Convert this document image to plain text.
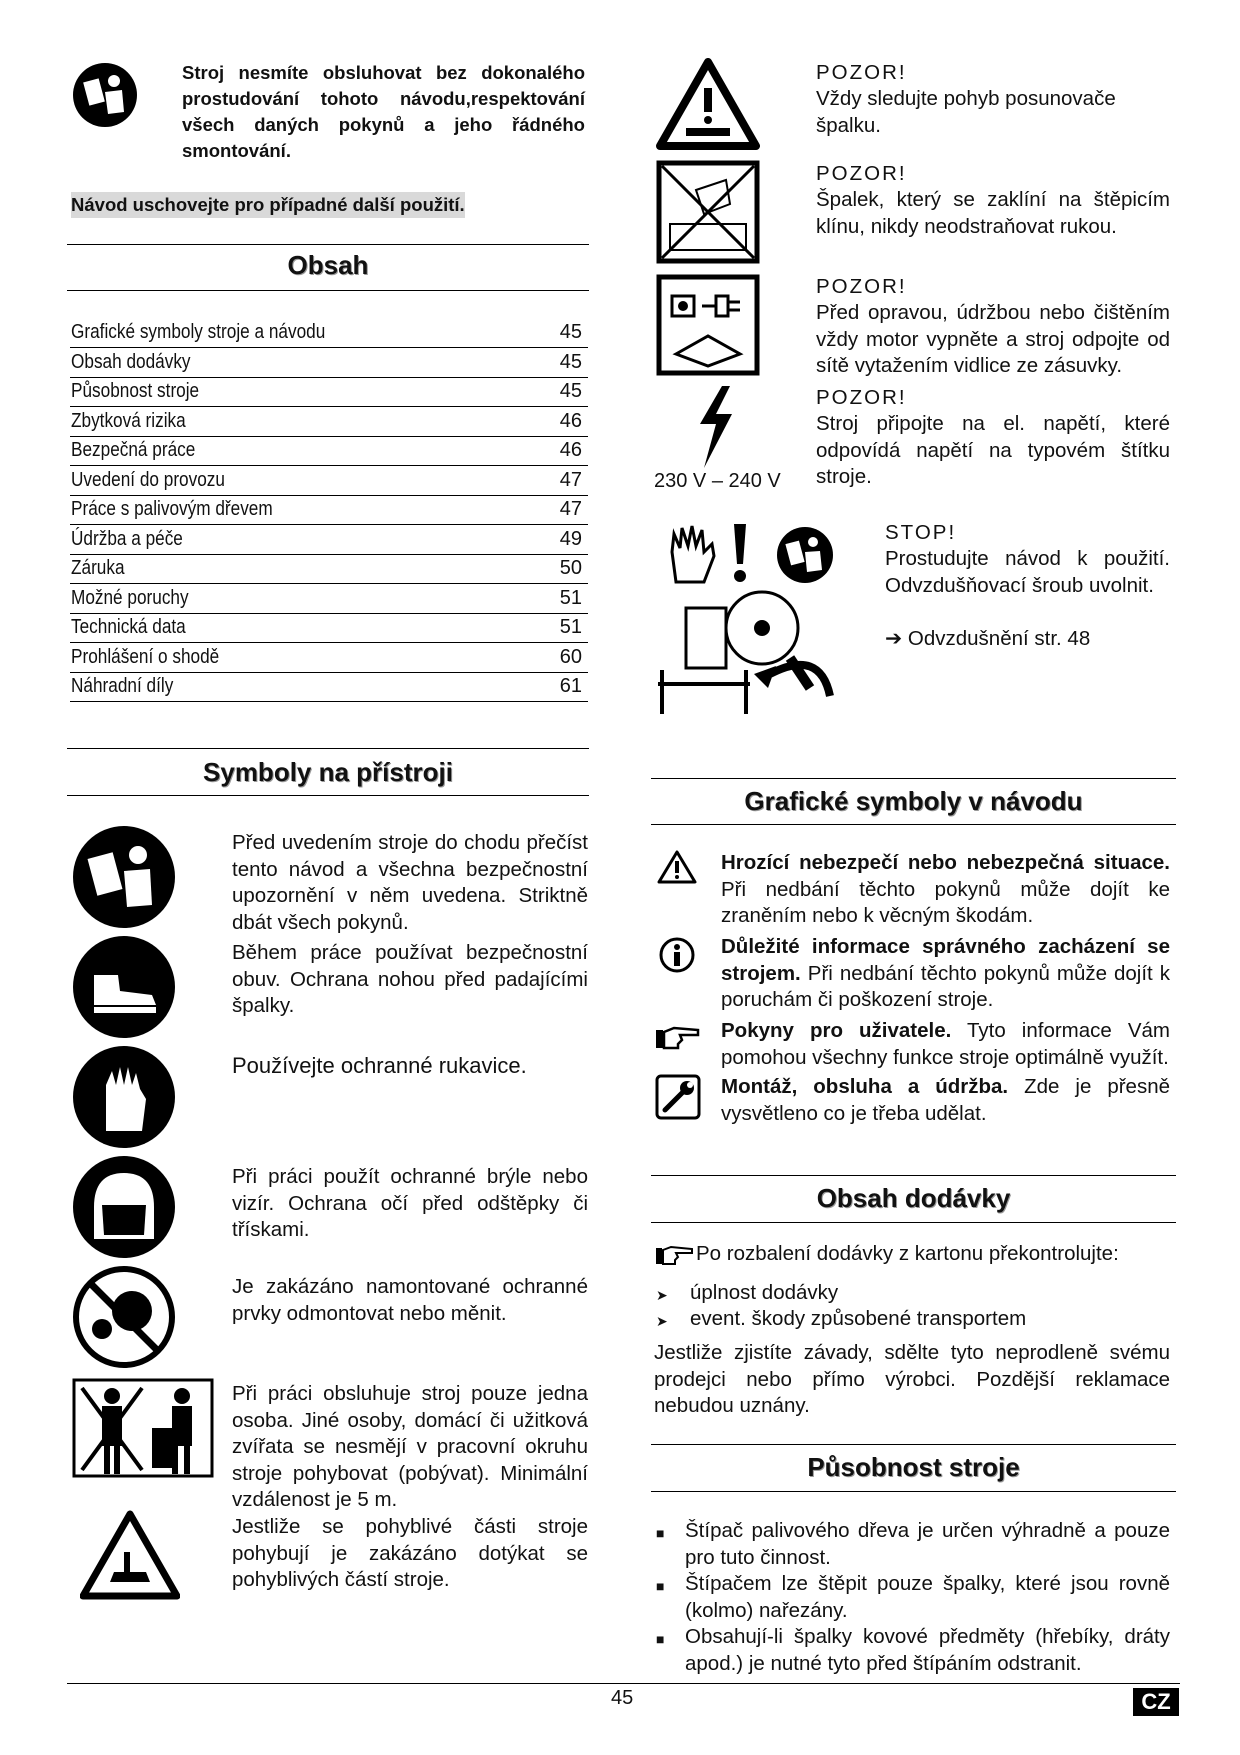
Stroj nesmíte obsluhovat bez dokonalého prostudování tohoto návodu,respektování všech daných pokynů a jeho řádného smontování.
Návod uschovejte pro případné další použití.
Obsah
Grafické symboly stroje a návodu	45
Obsah dodávky	45
Působnost stroje	45
Zbytková rizika	46
Bezpečná práce	46
Uvedení do provozu	47
Práce s palivovým dřevem	47
Údržba a péče	49
Záruka	50
Možné poruchy	51
Technická data	51
Prohlášení o shodě	60
Náhradní díly	61
Symboly na přístroji
Před uvedením stroje do chodu přečíst tento návod a všechna bezpečnostní upozornění v něm uvedena. Striktně dbát všech pokynů.
Během práce používat bezpečnostní obuv. Ochrana nohou před padajícími špalky.
Používejte ochranné rukavice.
Při práci použít ochranné brýle nebo vizír. Ochrana očí před odštěpky či třískami.
Je zakázáno namontované ochranné prvky odmontovat nebo měnit.
Při práci obsluhuje stroj pouze jedna osoba. Jiné osoby, domácí či užitková zvířata se nesmějí v pracovní okruhu stroje pohybovat (pobývat). Minimální vzdálenost je 5 m.
Jestliže se pohyblivé části stroje pohybují je zakázáno dotýkat se pohyblivých částí stroje.
230 V – 240 V
POZOR!
Vždy sledujte pohyb posunovače špalku.
POZOR!
Špalek, který se zaklíní na štěpicím klínu, nikdy neodstraňovat rukou.
POZOR!
Před opravou, údržbou nebo čištěním vždy motor vypněte a stroj odpojte od sítě vytažením vidlice ze zásuvky.
POZOR!
Stroj připojte na el. napětí, které odpovídá napětí na typovém štítku stroje.
STOP!
Prostudujte návod k použití. Odvzdušňovací šroub uvolnit.
➔ Odvzdušnění str. 48
Grafické symboly v návodu
Hrozící nebezpečí nebo nebezpečná situace. Při nedbání těchto pokynů může dojít ke zraněním nebo k věcným škodám.
Důležité informace správného zacházení se strojem. Při nedbání těchto pokynů může dojít k poruchám či poškození stroje.
Pokyny pro uživatele. Tyto informace Vám pomohou všechny funkce stroje optimálně využít.
Montáž, obsluha a údržba. Zde je přesně vysvětleno co je třeba udělat.
Obsah dodávky
Po rozbalení dodávky z kartonu překontrolujte:
➤ úplnost dodávky
➤ event. škody způsobené transportem
Jestliže zjistíte závady, sdělte tyto neprodleně svému prodejci nebo přímo výrobci. Pozdější reklamace nebudou uznány.
Působnost stroje
■ Štípač palivového dřeva je určen výhradně a pouze pro tuto činnost.
■ Štípačem lze štěpit pouze špalky, které jsou rovně (kolmo) nařezány.
■ Obsahují-li špalky kovové předměty (hřebíky, dráty apod.) je nutné tyto před štípáním odstranit.
45	CZ
